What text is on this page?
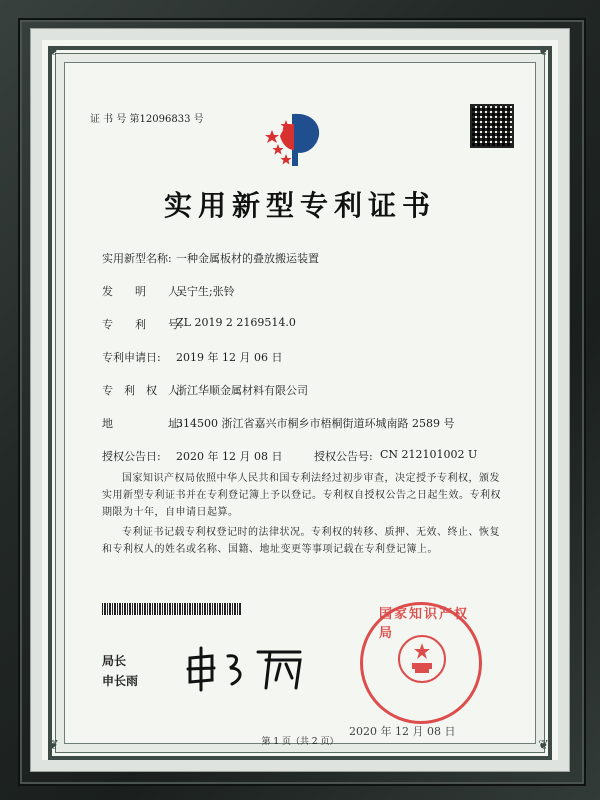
❦	❦
❦	❦
证 书 号 第12096833 号
实用新型专利证书
实用新型名称: 一种金属板材的叠放搬运装置
发　　明　　人:
吴宁生;张铃
专　　利　　号:
ZL 2019 2 2169514.0
专利申请日: 2019 年 12 月 06 日
专　利　权　人:
浙江华顺金属材料有限公司
地　　　　　址:
314500 浙江省嘉兴市桐乡市梧桐街道环城南路 2589 号
授权公告日: 2020 年 12 月 08 日	授权公告号: CN 212101002 U
国家知识产权局依照中华人民共和国专利法经过初步审查，决定授予专利权，颁发实用新型专利证书并在专利登记簿上予以登记。专利权自授权公告之日起生效。专利权期限为十年，自申请日起算。
专利证书记载专利权登记时的法律状况。专利权的转移、质押、无效、终止、恢复和专利权人的姓名或名称、国籍、地址变更等事项记载在专利登记簿上。
局长
申长雨
国家知识产权局
2020 年 12 月 08 日
第 1 页（共 2 页）
